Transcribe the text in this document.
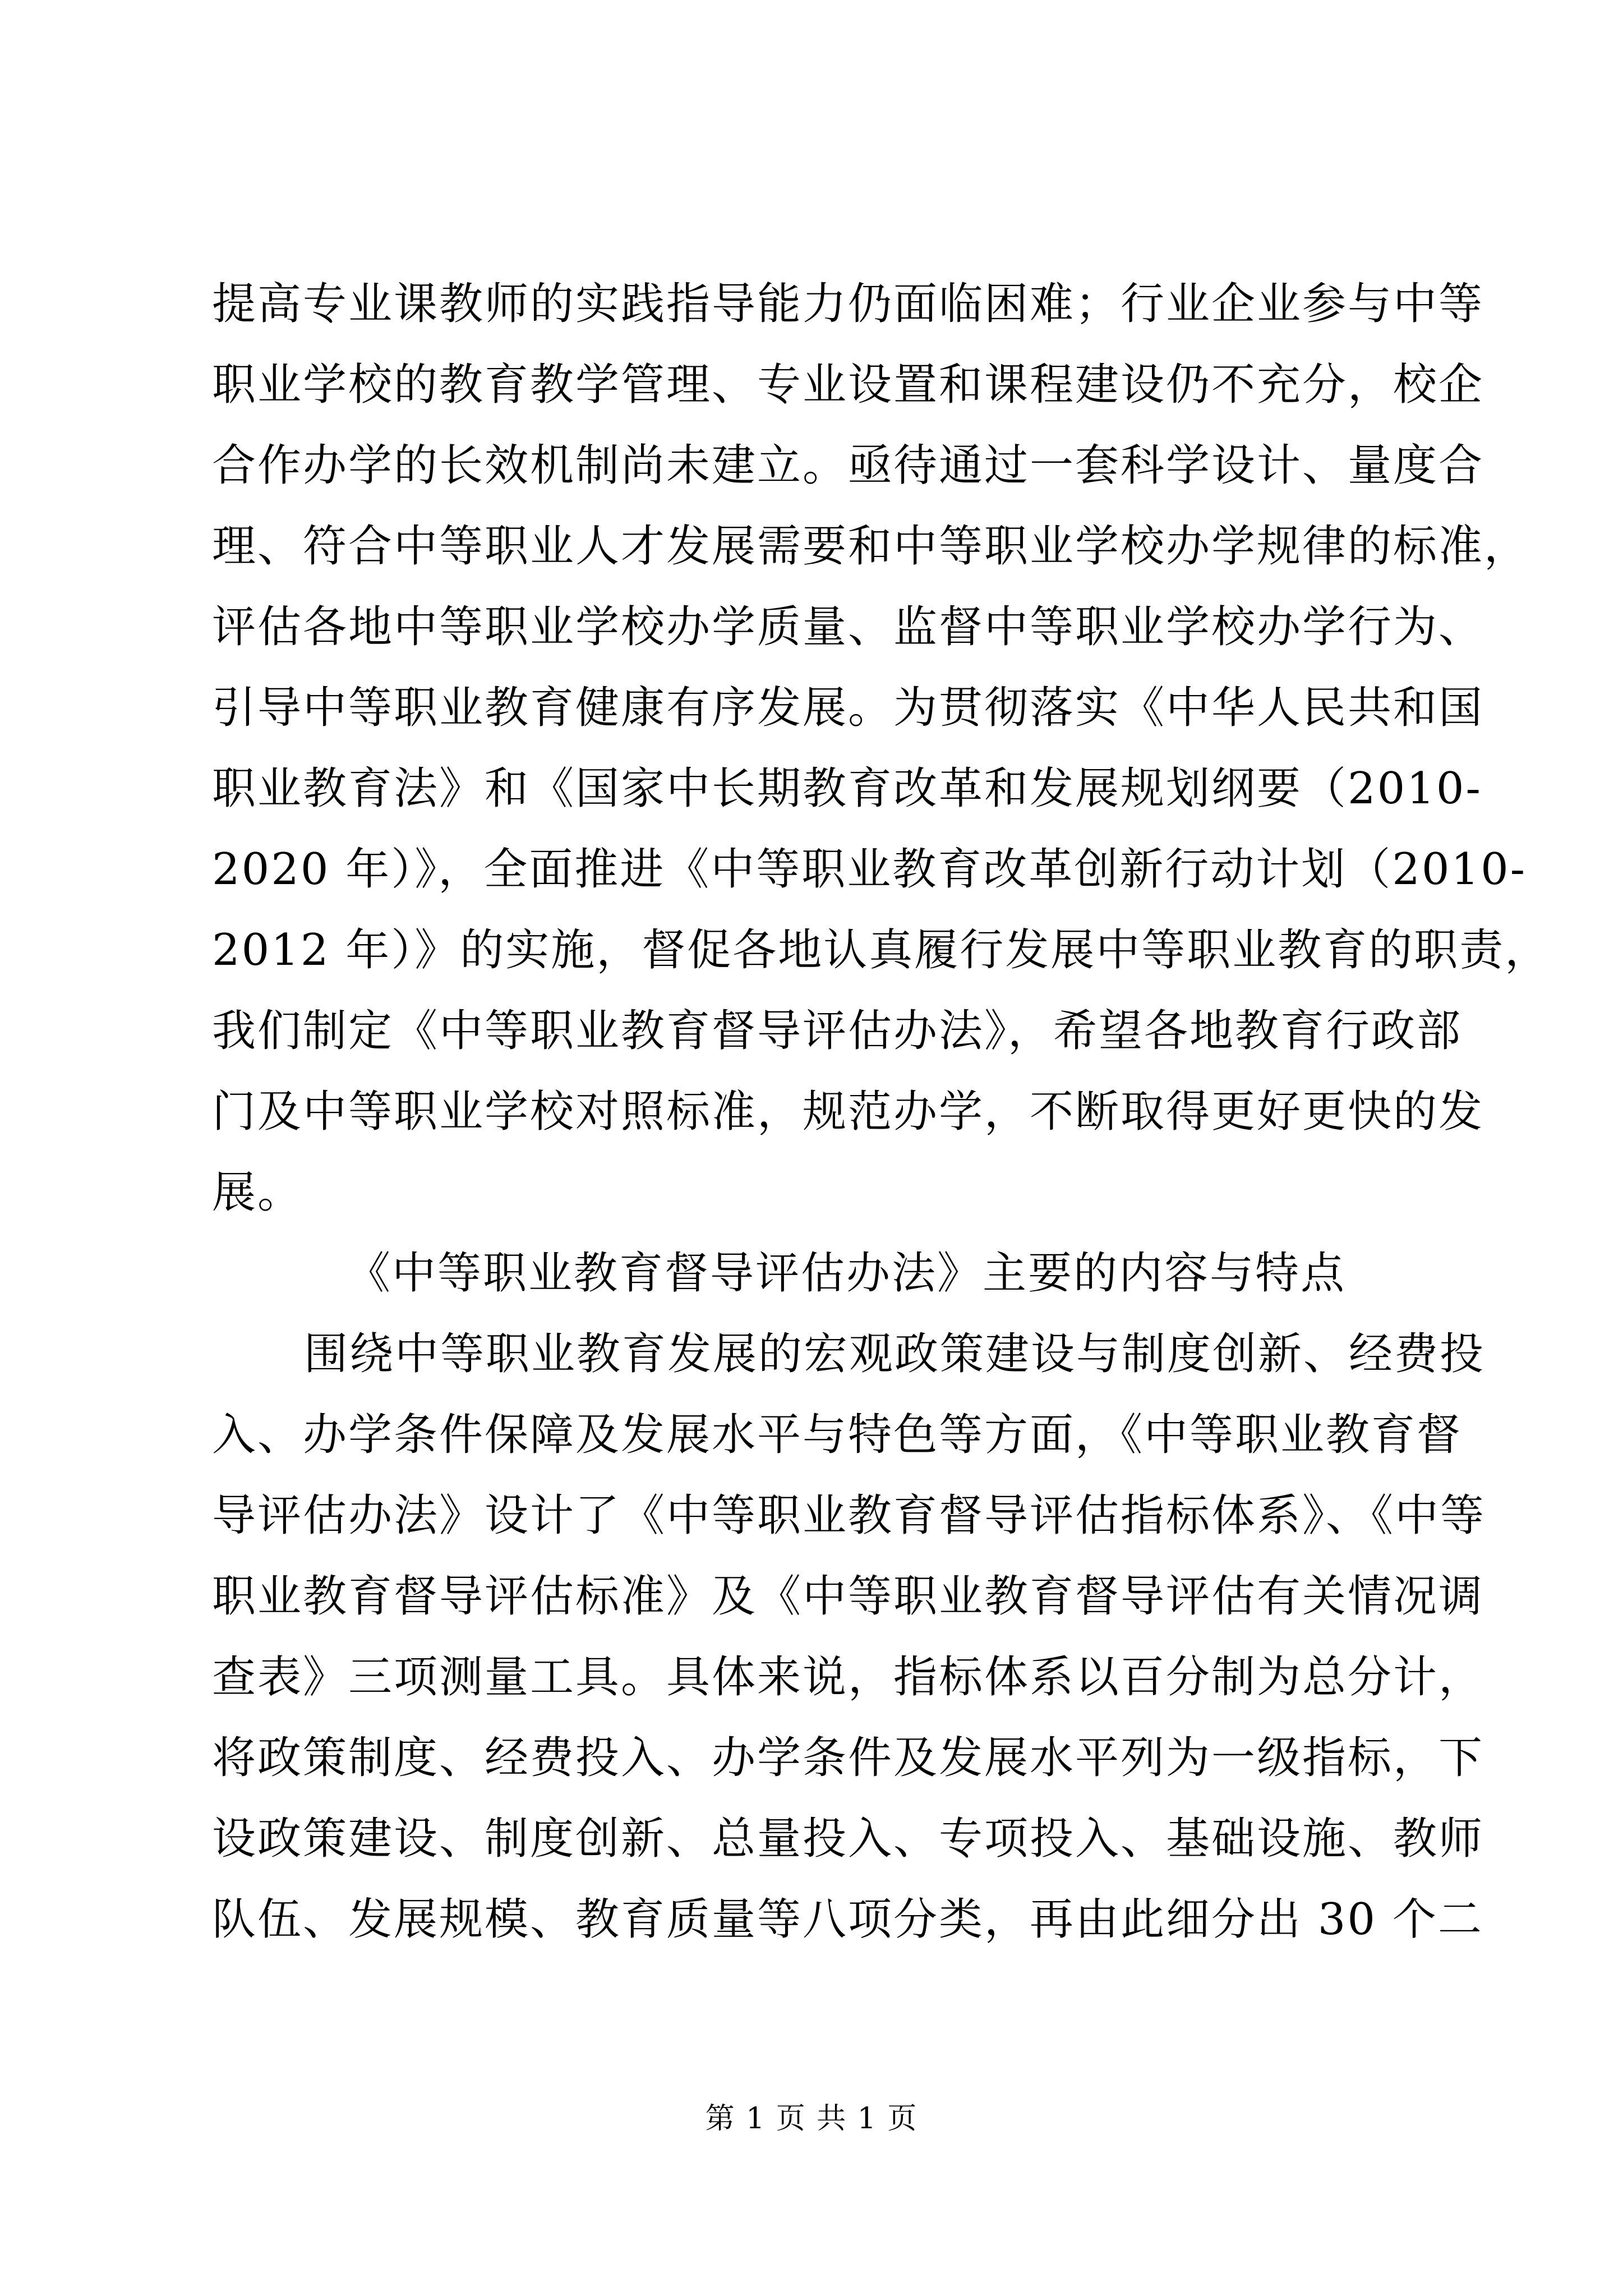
提高专业课教师的实践指导能力仍面临困难；行业企业参与中等
职业学校的教育教学管理、专业设置和课程建设仍不充分，校企
合作办学的长效机制尚未建立。亟待通过一套科学设计、量度合
理、符合中等职业人才发展需要和中等职业学校办学规律的标准，
评估各地中等职业学校办学质量、监督中等职业学校办学行为、
引导中等职业教育健康有序发展。为贯彻落实《中华人民共和国
职业教育法》和《国家中长期教育改革和发展规划纲要（2010-
2020 年）》，全面推进《中等职业教育改革创新行动计划（2010-
2012 年）》的实施，督促各地认真履行发展中等职业教育的职责，
我们制定《中等职业教育督导评估办法》，希望各地教育行政部
门及中等职业学校对照标准，规范办学，不断取得更好更快的发
展。
《中等职业教育督导评估办法》主要的内容与特点
围绕中等职业教育发展的宏观政策建设与制度创新、经费投
入、办学条件保障及发展水平与特色等方面，《中等职业教育督
导评估办法》设计了《中等职业教育督导评估指标体系》、《中等
职业教育督导评估标准》及《中等职业教育督导评估有关情况调
查表》三项测量工具。具体来说，指标体系以百分制为总分计，
将政策制度、经费投入、办学条件及发展水平列为一级指标，下
设政策建设、制度创新、总量投入、专项投入、基础设施、教师
队伍、发展规模、教育质量等八项分类，再由此细分出 30 个二
第 1 页 共 1 页
